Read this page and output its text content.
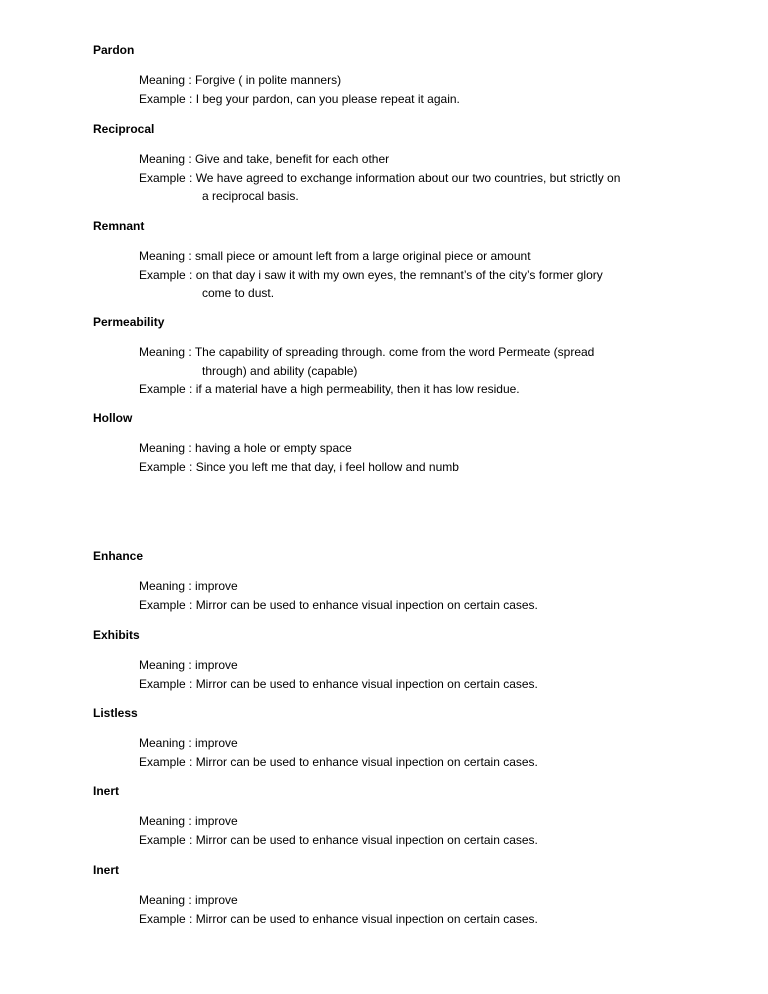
Pardon
Meaning : Forgive ( in polite manners)
Example : I beg your pardon, can you please repeat it again.
Reciprocal
Meaning : Give and take, benefit for each other
Example : We have agreed to exchange information about our two countries, but strictly on
a reciprocal basis.
Remnant
Meaning : small piece or amount left from a large original piece or amount
Example : on that day i saw it with my own eyes, the remnant’s of the city’s former glory
come to dust.
Permeability
Meaning : The capability of spreading through. come from the word Permeate (spread
through) and ability (capable)
Example : if a material have a high permeability, then it has low residue.
Hollow
Meaning : having a hole or empty space
Example : Since you left me that day, i feel hollow and numb
Enhance
Meaning : improve
Example : Mirror can be used to enhance visual inpection on certain cases.
Exhibits
Meaning : improve
Example : Mirror can be used to enhance visual inpection on certain cases.
Listless
Meaning : improve
Example : Mirror can be used to enhance visual inpection on certain cases.
Inert
Meaning : improve
Example : Mirror can be used to enhance visual inpection on certain cases.
Inert
Meaning : improve
Example : Mirror can be used to enhance visual inpection on certain cases.
